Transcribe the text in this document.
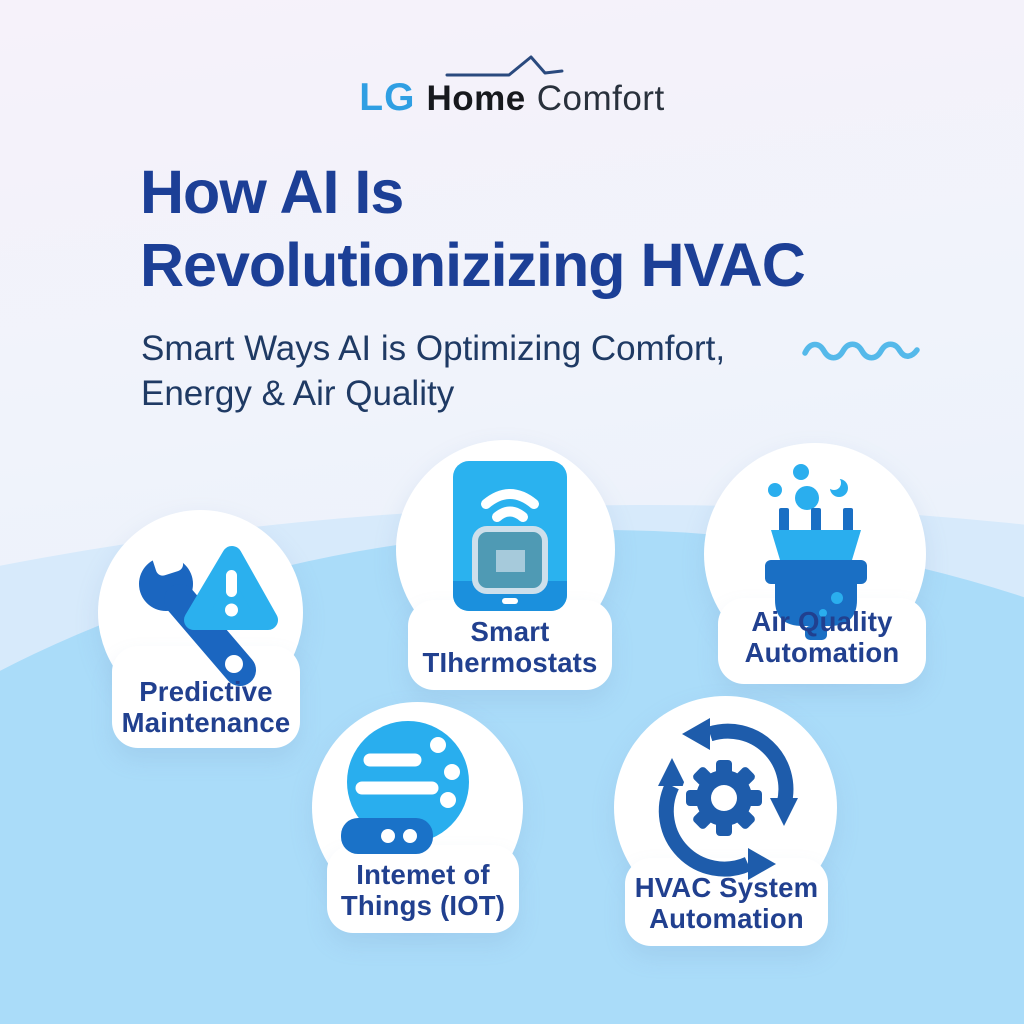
LG Home Comfort
How AI Is
Revolutionizizing HVAC
Smart Ways AI is Optimizing Comfort,
Energy & Air Quality
Predictive
Maintenance
Smart
TIhermostats
Air Quality
Automation
Intemet of
Things (IOT)
HVAC System
Automation
